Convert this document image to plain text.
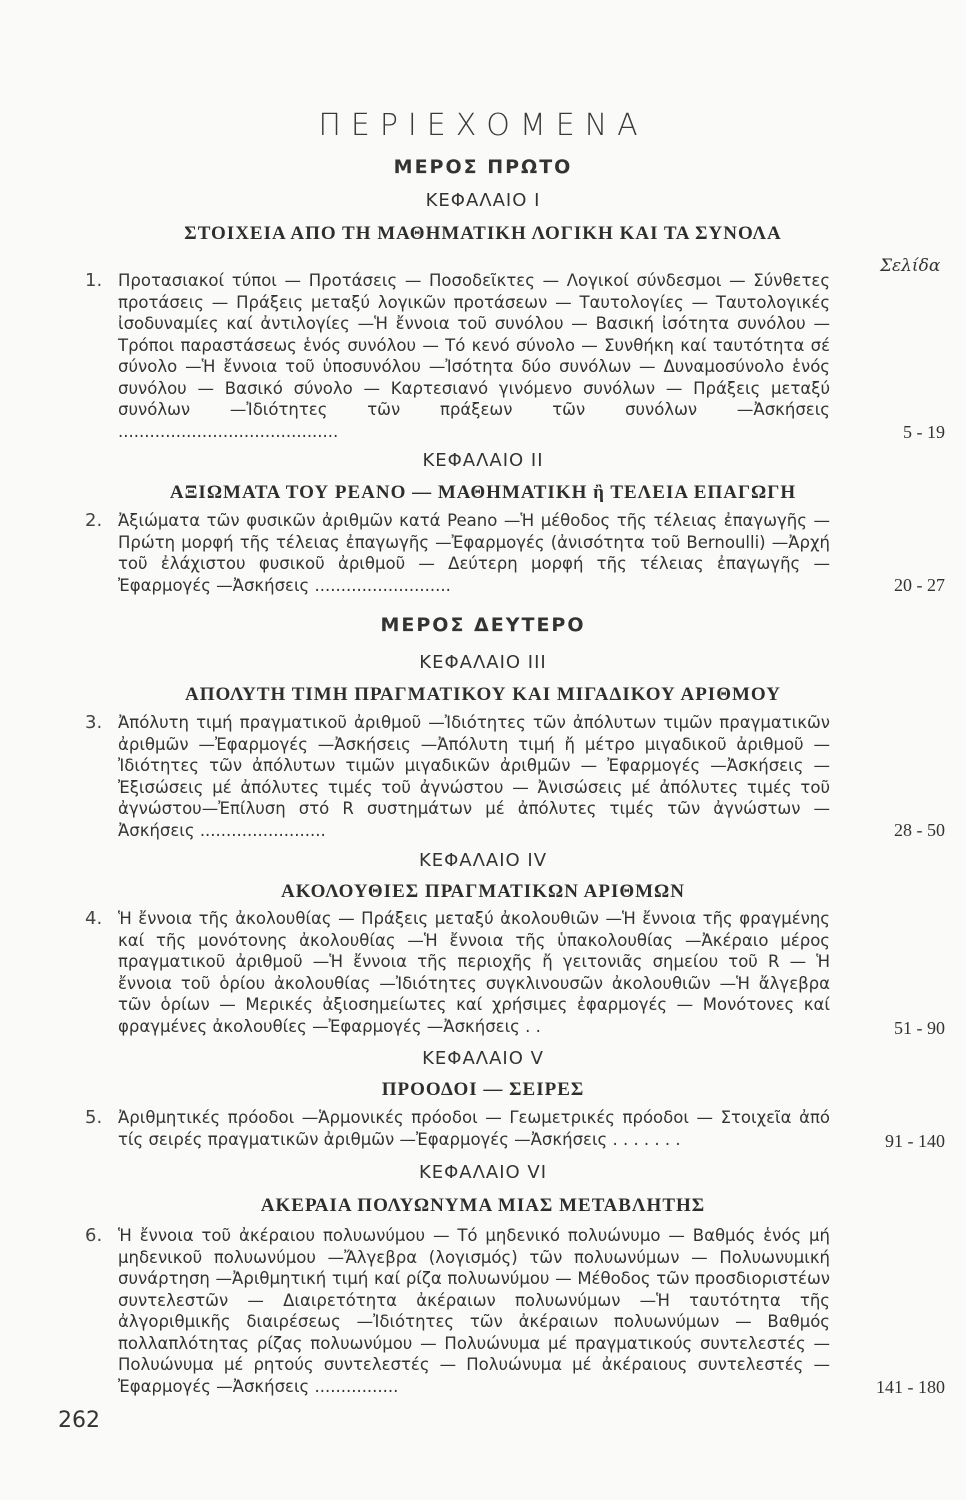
ΠΕΡΙΕΧΟΜΕΝΑ
ΜΕΡΟΣ ΠΡΩΤΟ
ΚΕΦΑΛΑΙΟ Ι
ΣΤΟΙΧΕΙΑ ΑΠΟ ΤΗ ΜΑΘΗΜΑΤΙΚΗ ΛΟΓΙΚΗ ΚΑΙ ΤΑ ΣΥΝΟΛΑ
Σελίδα
1. Προτασιακοί τύποι — Προτάσεις — Ποσοδεῖκτες — Λογικοί σύνδεσμοι — Σύνθετες προτάσεις — Πράξεις μεταξύ λογικῶν προτάσεων — Ταυτολογίες — Ταυτολογικές ἰσοδυναμίες καί ἀντιλογίες —Ἡ ἔννοια τοῦ συνόλου — Βασική ἰσότητα συνόλου — Τρόποι παραστάσεως ἑνός συνόλου — Τό κενό σύνολο — Συνθήκη καί ταυτότητα σέ σύνολο —Ἡ ἔννοια τοῦ ὑποσυνόλου —Ἰσότητα δύο συνόλων — Δυναμοσύνολο ἑνός συνόλου — Βασικό σύνολο — Καρτεσιανό γινόμενο συνόλων — Πράξεις μεταξύ συνόλων —Ἰδιότητες τῶν πράξεων τῶν συνόλων —Ἀσκήσεις ..........................................	5 - 19
ΚΕΦΑΛΑΙΟ ΙΙ
ΑΞΙΩΜΑΤΑ ΤΟΥ PEANO — ΜΑΘΗΜΑΤΙΚΗ ἢ ΤΕΛΕΙΑ ΕΠΑΓΩΓΗ
2. Ἀξιώματα τῶν φυσικῶν ἀριθμῶν κατά Peano —Ἡ μέθοδος τῆς τέλειας ἐπαγωγῆς — Πρώτη μορφή τῆς τέλειας ἐπαγωγῆς —Ἐφαρμογές (ἀνισότητα τοῦ Bernoulli) —Ἀρχή τοῦ ἐλάχιστου φυσικοῦ ἀριθμοῦ — Δεύτερη μορφή τῆς τέλειας ἐπαγωγῆς —Ἐφαρμογές —Ἀσκήσεις ..........................	20 - 27
ΜΕΡΟΣ ΔΕΥΤΕΡΟ
ΚΕΦΑΛΑΙΟ ΙΙΙ
ΑΠΟΛΥΤΗ ΤΙΜΗ ΠΡΑΓΜΑΤΙΚΟΥ ΚΑΙ ΜΙΓΑΔΙΚΟΥ ΑΡΙΘΜΟΥ
3. Ἀπόλυτη τιμή πραγματικοῦ ἀριθμοῦ —Ἰδιότητες τῶν ἀπόλυτων τιμῶν πραγματικῶν ἀριθμῶν —Ἐφαρμογές —Ἀσκήσεις —Ἀπόλυτη τιμή ἤ μέτρο μιγαδικοῦ ἀριθμοῦ —Ἰδιότητες τῶν ἀπόλυτων τιμῶν μιγαδικῶν ἀριθμῶν — Ἐφαρμογές —Ἀσκήσεις —Ἐξισώσεις μέ ἀπόλυτες τιμές τοῦ ἀγνώστου — Ἀνισώσεις μέ ἀπόλυτες τιμές τοῦ ἀγνώστου—Ἐπίλυση στό R συστημάτων μέ ἀπόλυτες τιμές τῶν ἀγνώστων —Ἀσκήσεις ........................	28 - 50
ΚΕΦΑΛΑΙΟ ΙV
ΑΚΟΛΟΥΘΙΕΣ ΠΡΑΓΜΑΤΙΚΩΝ ΑΡΙΘΜΩΝ
4. Ἡ ἔννοια τῆς ἀκολουθίας — Πράξεις μεταξύ ἀκολουθιῶν —Ἡ ἔννοια τῆς φραγμένης καί τῆς μονότονης ἀκολουθίας —Ἡ ἔννοια τῆς ὑπακολουθίας —Ἀκέραιο μέρος πραγματικοῦ ἀριθμοῦ —Ἡ ἔννοια τῆς περιοχῆς ἤ γειτονιᾶς σημείου τοῦ R — Ἡ ἔννοια τοῦ ὁρίου ἀκολουθίας —Ἰδιότητες συγκλινουσῶν ἀκολουθιῶν —Ἡ ἄλγεβρα τῶν ὁρίων — Μερικές ἀξιοσημείωτες καί χρήσιμες ἐφαρμογές — Μονότονες καί φραγμένες ἀκολουθίες —Ἐφαρμογές —Ἀσκήσεις . .	51 - 90
ΚΕΦΑΛΑΙΟ V
ΠΡΟΟΔΟΙ — ΣΕΙΡΕΣ
5. Ἀριθμητικές πρόοδοι —Ἁρμονικές πρόοδοι — Γεωμετρικές πρόοδοι — Στοιχεῖα ἀπό τίς σειρές πραγματικῶν ἀριθμῶν —Ἐφαρμογές —Ἀσκήσεις . . . . . . .	91 - 140
ΚΕΦΑΛΑΙΟ VΙ
ΑΚΕΡΑΙΑ ΠΟΛΥΩΝΥΜΑ ΜΙΑΣ ΜΕΤΑΒΛΗΤΗΣ
6. Ἡ ἔννοια τοῦ ἀκέραιου πολυωνύμου — Τό μηδενικό πολυώνυμο — Βαθμός ἑνός μή μηδενικοῦ πολυωνύμου —Ἄλγεβρα (λογισμός) τῶν πολυωνύμων — Πολυωνυμική συνάρτηση —Ἀριθμητική τιμή καί ρίζα πολυωνύμου — Μέθοδος τῶν προσδιοριστέων συντελεστῶν — Διαιρετότητα ἀκέραιων πολυωνύμων —Ἡ ταυτότητα τῆς ἀλγοριθμικῆς διαιρέσεως —Ἰδιότητες τῶν ἀκέραιων πολυωνύμων — Βαθμός πολλαπλότητας ρίζας πολυωνύμου — Πολυώνυμα μέ πραγματικούς συντελεστές — Πολυώνυμα μέ ρητούς συντελεστές — Πολυώνυμα μέ ἀκέραιους συντελεστές —Ἐφαρμογές —Ἀσκήσεις ................	141 - 180
262
